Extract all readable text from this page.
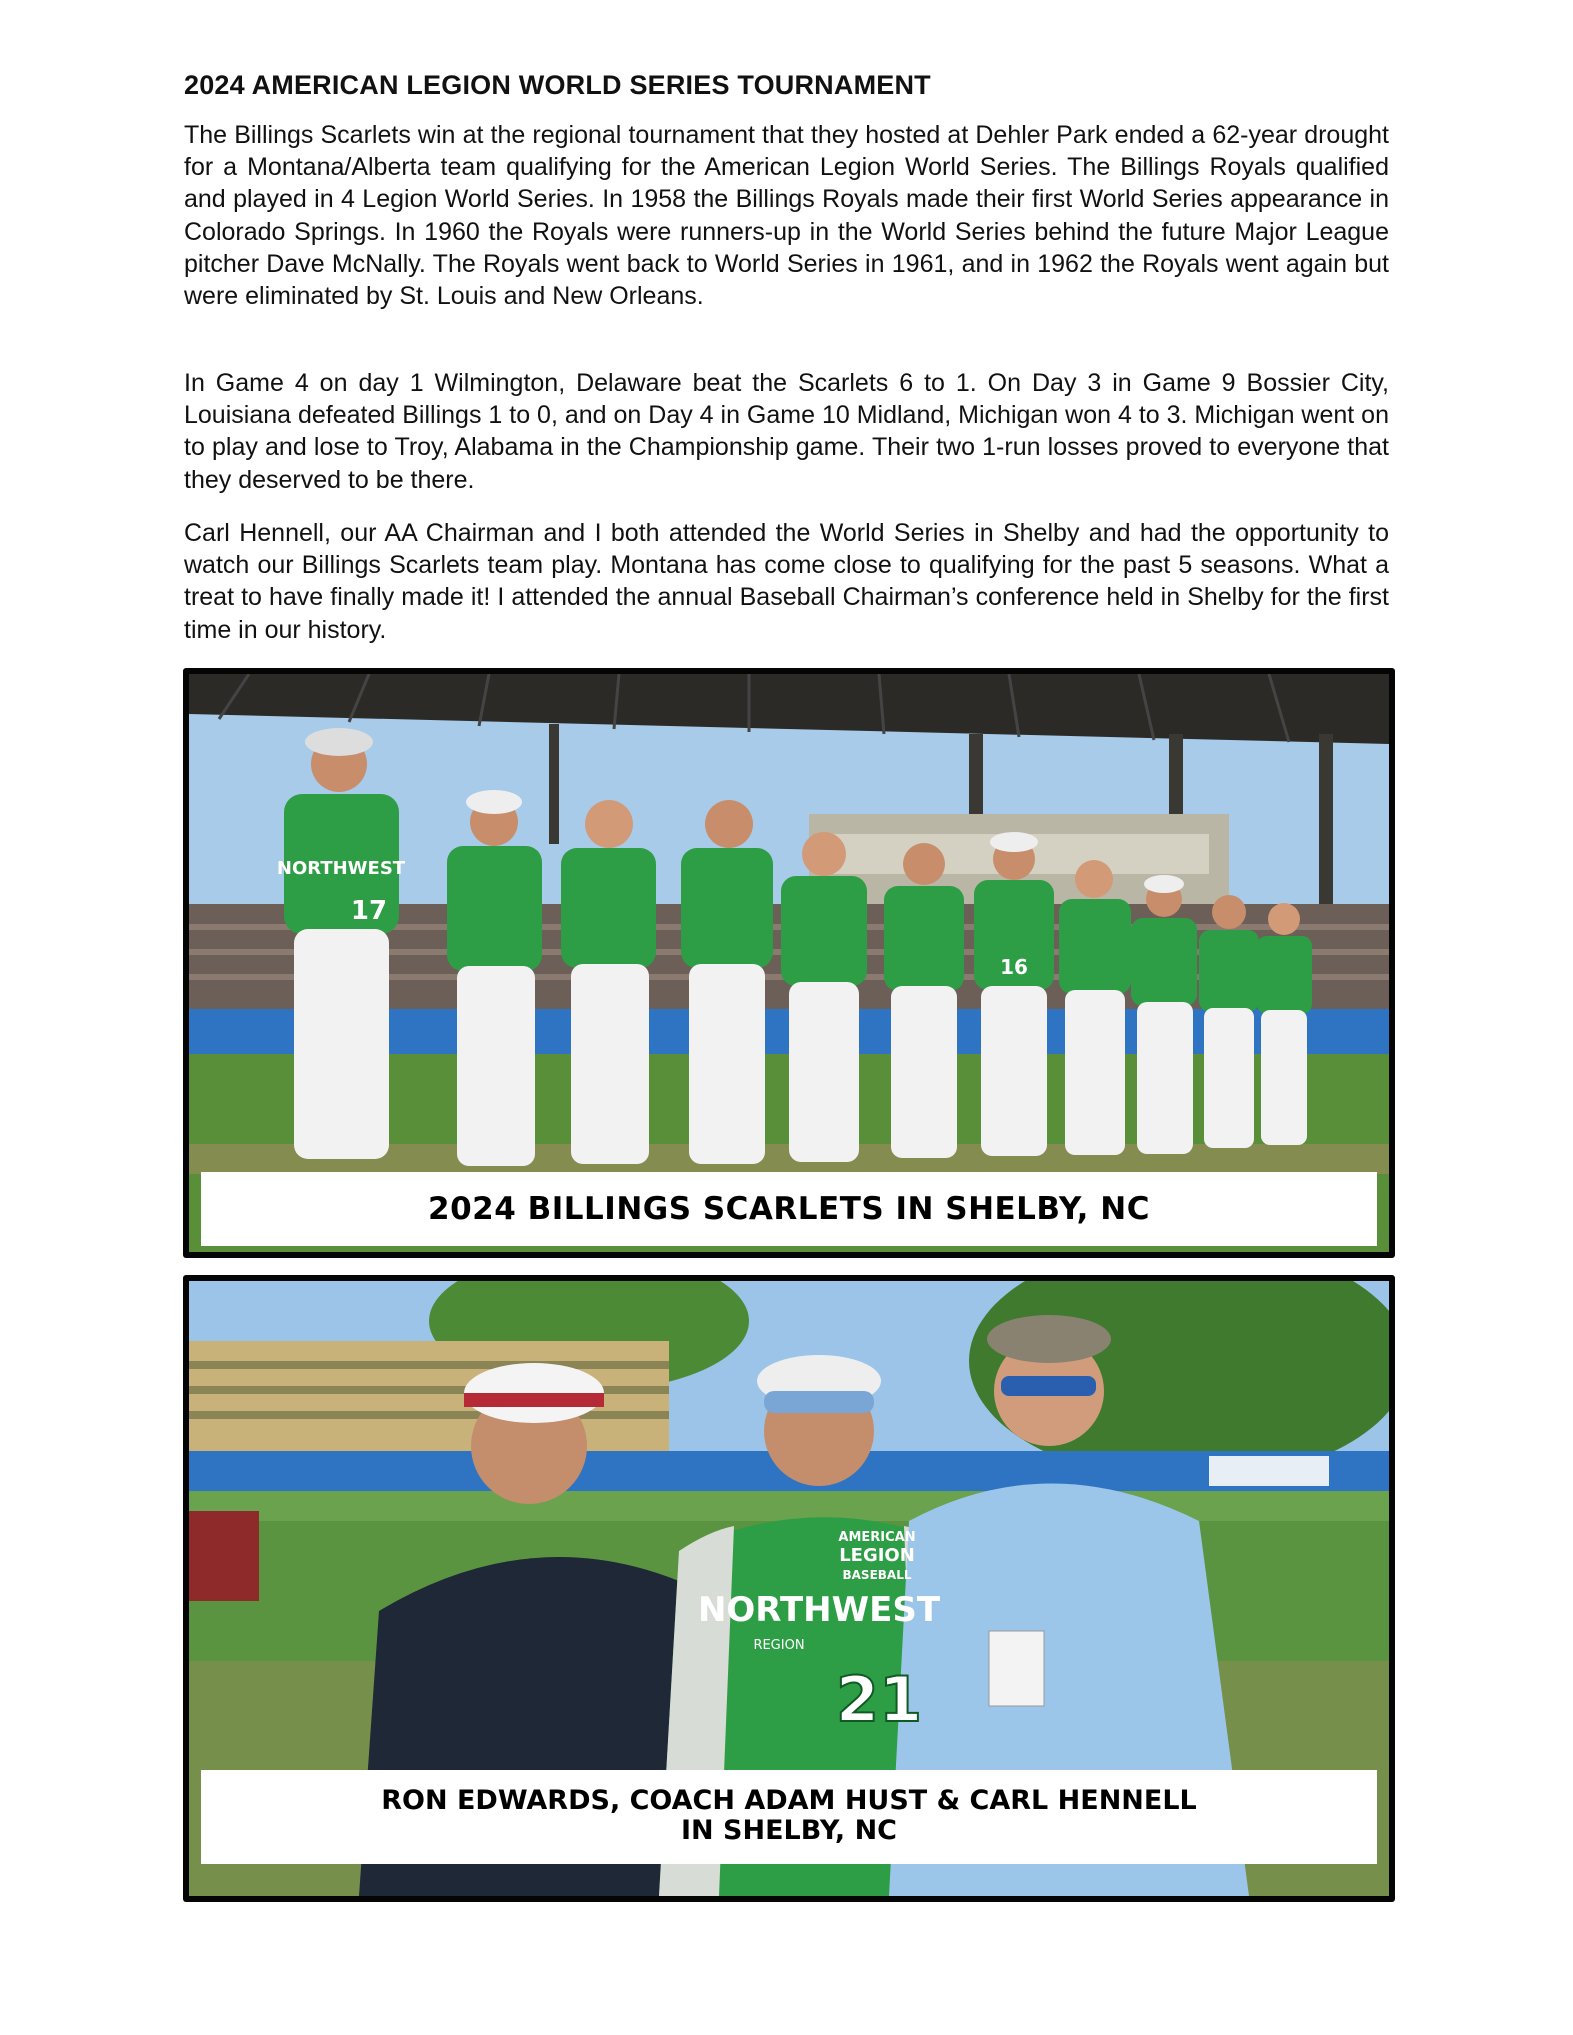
2024 AMERICAN LEGION WORLD SERIES TOURNAMENT

The Billings Scarlets win at the regional tournament that they hosted at Dehler Park ended a 62-year drought for a Montana/Alberta team qualifying for the American Legion World Series. The Billings Royals qualified and played in 4 Legion World Series. In 1958 the Billings Royals made their first World Series appearance in Colorado Springs. In 1960 the Royals were runners-up in the World Series behind the future Major League pitcher Dave McNally. The Royals went back to World Series in 1961, and in 1962 the Royals went again but were eliminated by St. Louis and New Orleans.

In Game 4 on day 1 Wilmington, Delaware beat the Scarlets 6 to 1. On Day 3 in Game 9 Bossier City, Louisiana defeated Billings 1 to 0, and on Day 4 in Game 10 Midland, Michigan won 4 to 3. Michigan went on to play and lose to Troy, Alabama in the Championship game. Their two 1-run losses proved to everyone that they deserved to be there.

Carl Hennell, our AA Chairman and I both attended the World Series in Shelby and had the opportunity to watch our Billings Scarlets team play. Montana has come close to qualifying for the past 5 seasons. What a treat to have finally made it! I attended the annual Baseball Chairman’s conference held in Shelby for the first time in our history.

NORTHWEST
17
16
2024 BILLINGS SCARLETS IN SHELBY, NC
AMERICAN
LEGION
BASEBALL
NORTHWEST
REGION
21
RON EDWARDS, COACH ADAM HUST & CARL HENNELL
IN SHELBY, NC
